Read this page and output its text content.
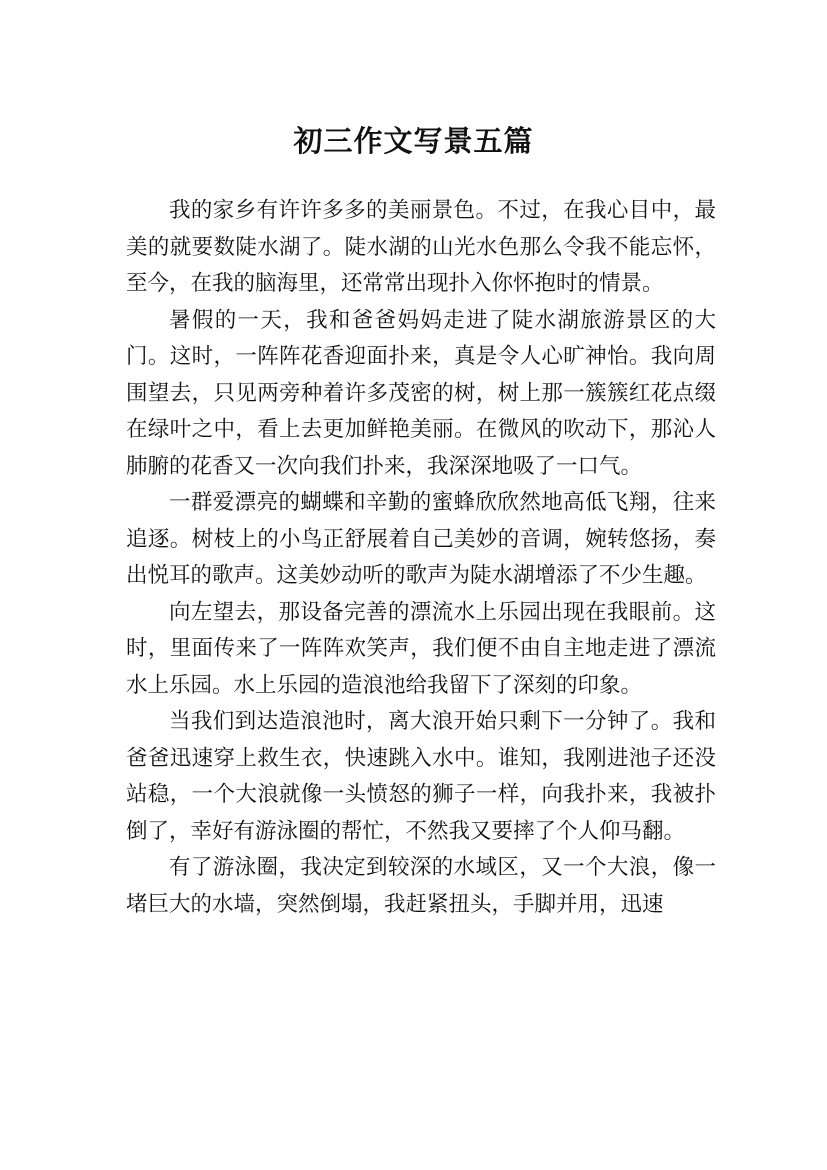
初三作文写景五篇

我的家乡有许许多多的美丽景色。不过，在我心目中，最美的就要数陡水湖了。陡水湖的山光水色那么令我不能忘怀，至今，在我的脑海里，还常常出现扑入你怀抱时的情景。

暑假的一天，我和爸爸妈妈走进了陡水湖旅游景区的大门。这时，一阵阵花香迎面扑来，真是令人心旷神怡。我向周围望去，只见两旁种着许多茂密的树，树上那一簇簇红花点缀在绿叶之中，看上去更加鲜艳美丽。在微风的吹动下，那沁人肺腑的花香又一次向我们扑来，我深深地吸了一口气。

一群爱漂亮的蝴蝶和辛勤的蜜蜂欣欣然地高低飞翔，往来追逐。树枝上的小鸟正舒展着自己美妙的音调，婉转悠扬，奏出悦耳的歌声。这美妙动听的歌声为陡水湖增添了不少生趣。

向左望去，那设备完善的漂流水上乐园出现在我眼前。这时，里面传来了一阵阵欢笑声，我们便不由自主地走进了漂流水上乐园。水上乐园的造浪池给我留下了深刻的印象。

当我们到达造浪池时，离大浪开始只剩下一分钟了。我和爸爸迅速穿上救生衣，快速跳入水中。谁知，我刚进池子还没站稳，一个大浪就像一头愤怒的狮子一样，向我扑来，我被扑倒了，幸好有游泳圈的帮忙，不然我又要摔了个人仰马翻。

有了游泳圈，我决定到较深的水域区，又一个大浪，像一堵巨大的水墙，突然倒塌，我赶紧扭头，手脚并用，迅速
